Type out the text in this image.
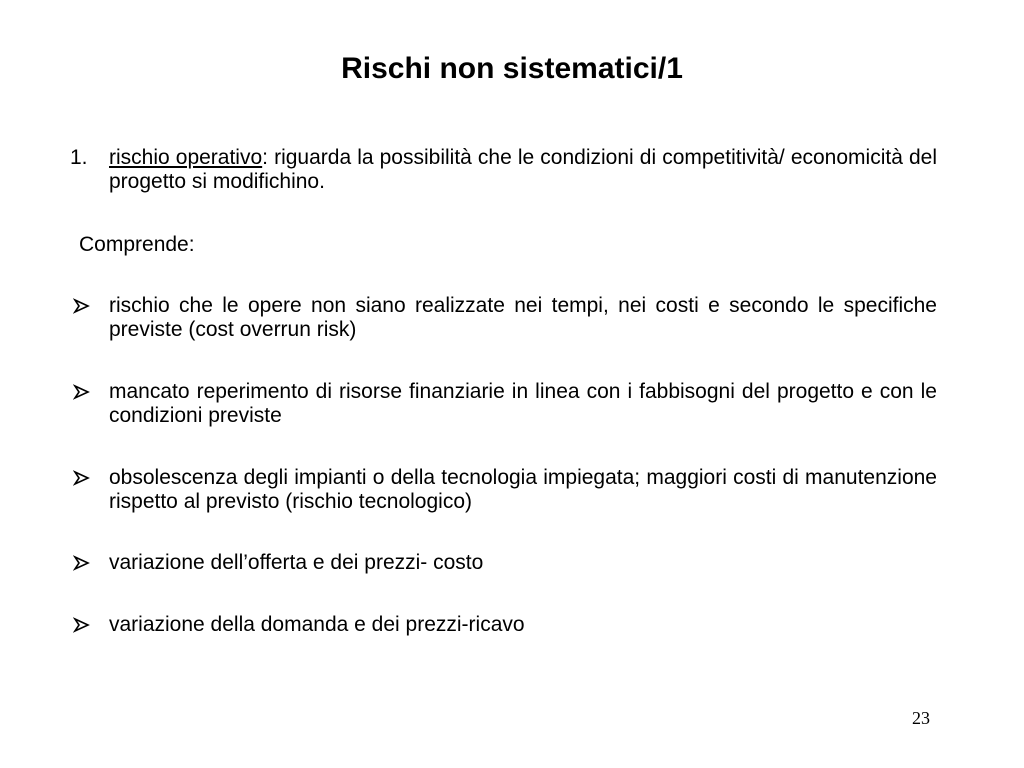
Rischi non sistematici/1
1. rischio operativo: riguarda la possibilità che le condizioni di competitività/ economicità del progetto si modifichino.
Comprende:
rischio che le opere non siano realizzate nei tempi, nei costi e secondo le specifiche previste (cost overrun risk)
mancato reperimento di risorse finanziarie in linea con i fabbisogni del progetto e con le condizioni previste
obsolescenza degli impianti o della tecnologia impiegata; maggiori costi di manutenzione rispetto al previsto (rischio tecnologico)
variazione dell’offerta e dei prezzi- costo
variazione della domanda e dei prezzi-ricavo
23
